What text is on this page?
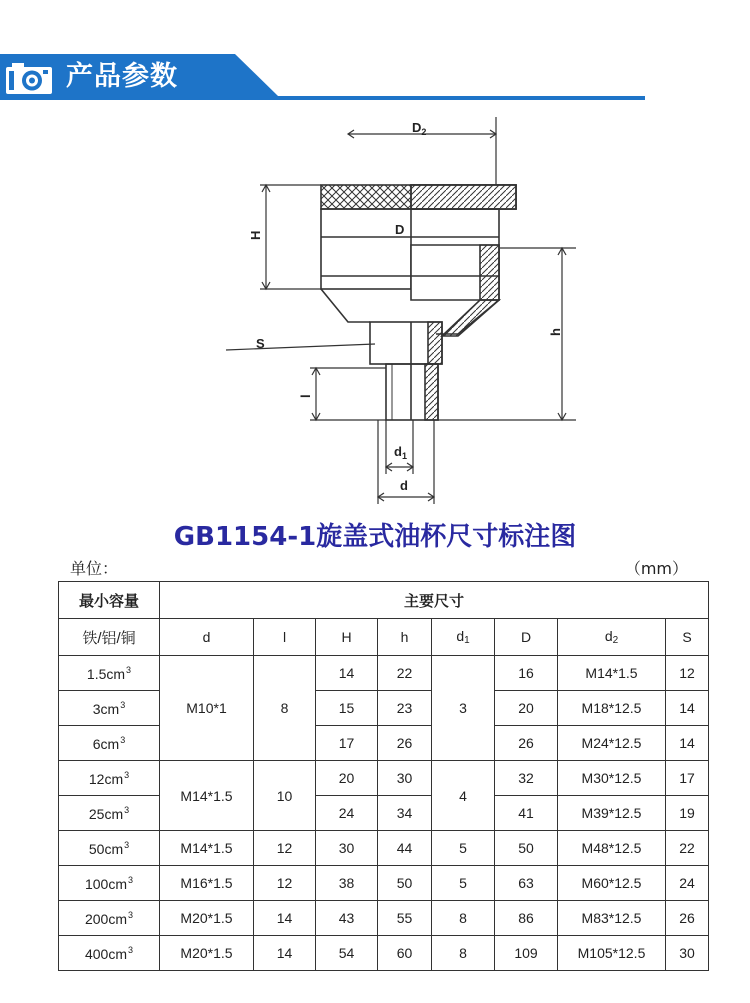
产品参数
$D_2$
H	D
S
h
l
$d_1$
d
GB1154-1旋盖式油杯尺寸标注图
单位：	（mm）
最小容量	主要尺寸							
铁/铝/铜	d	l	H	h	$d_1$	D	$d_2$	S
$1.5cm^3$	M10*1	8	14	22	3	16	M14*1.5	12
$3cm^3$			15	23		20	M18*12.5	14
$6cm^3$			17	26		26	M24*12.5	14
$12cm^3$	M14*1.5	10	20	30	4	32	M30*12.5	17
$25cm^3$			24	34		41	M39*12.5	19
$50cm^3$	M14*1.5	12	30	44	5	50	M48*12.5	22
$100cm^3$	M16*1.5	12	38	50	5	63	M60*12.5	24
$200cm^3$	M20*1.5	14	43	55	8	86	M83*12.5	26
$400cm^3$	M20*1.5	14	54	60	8	109	M105*12.5	30
